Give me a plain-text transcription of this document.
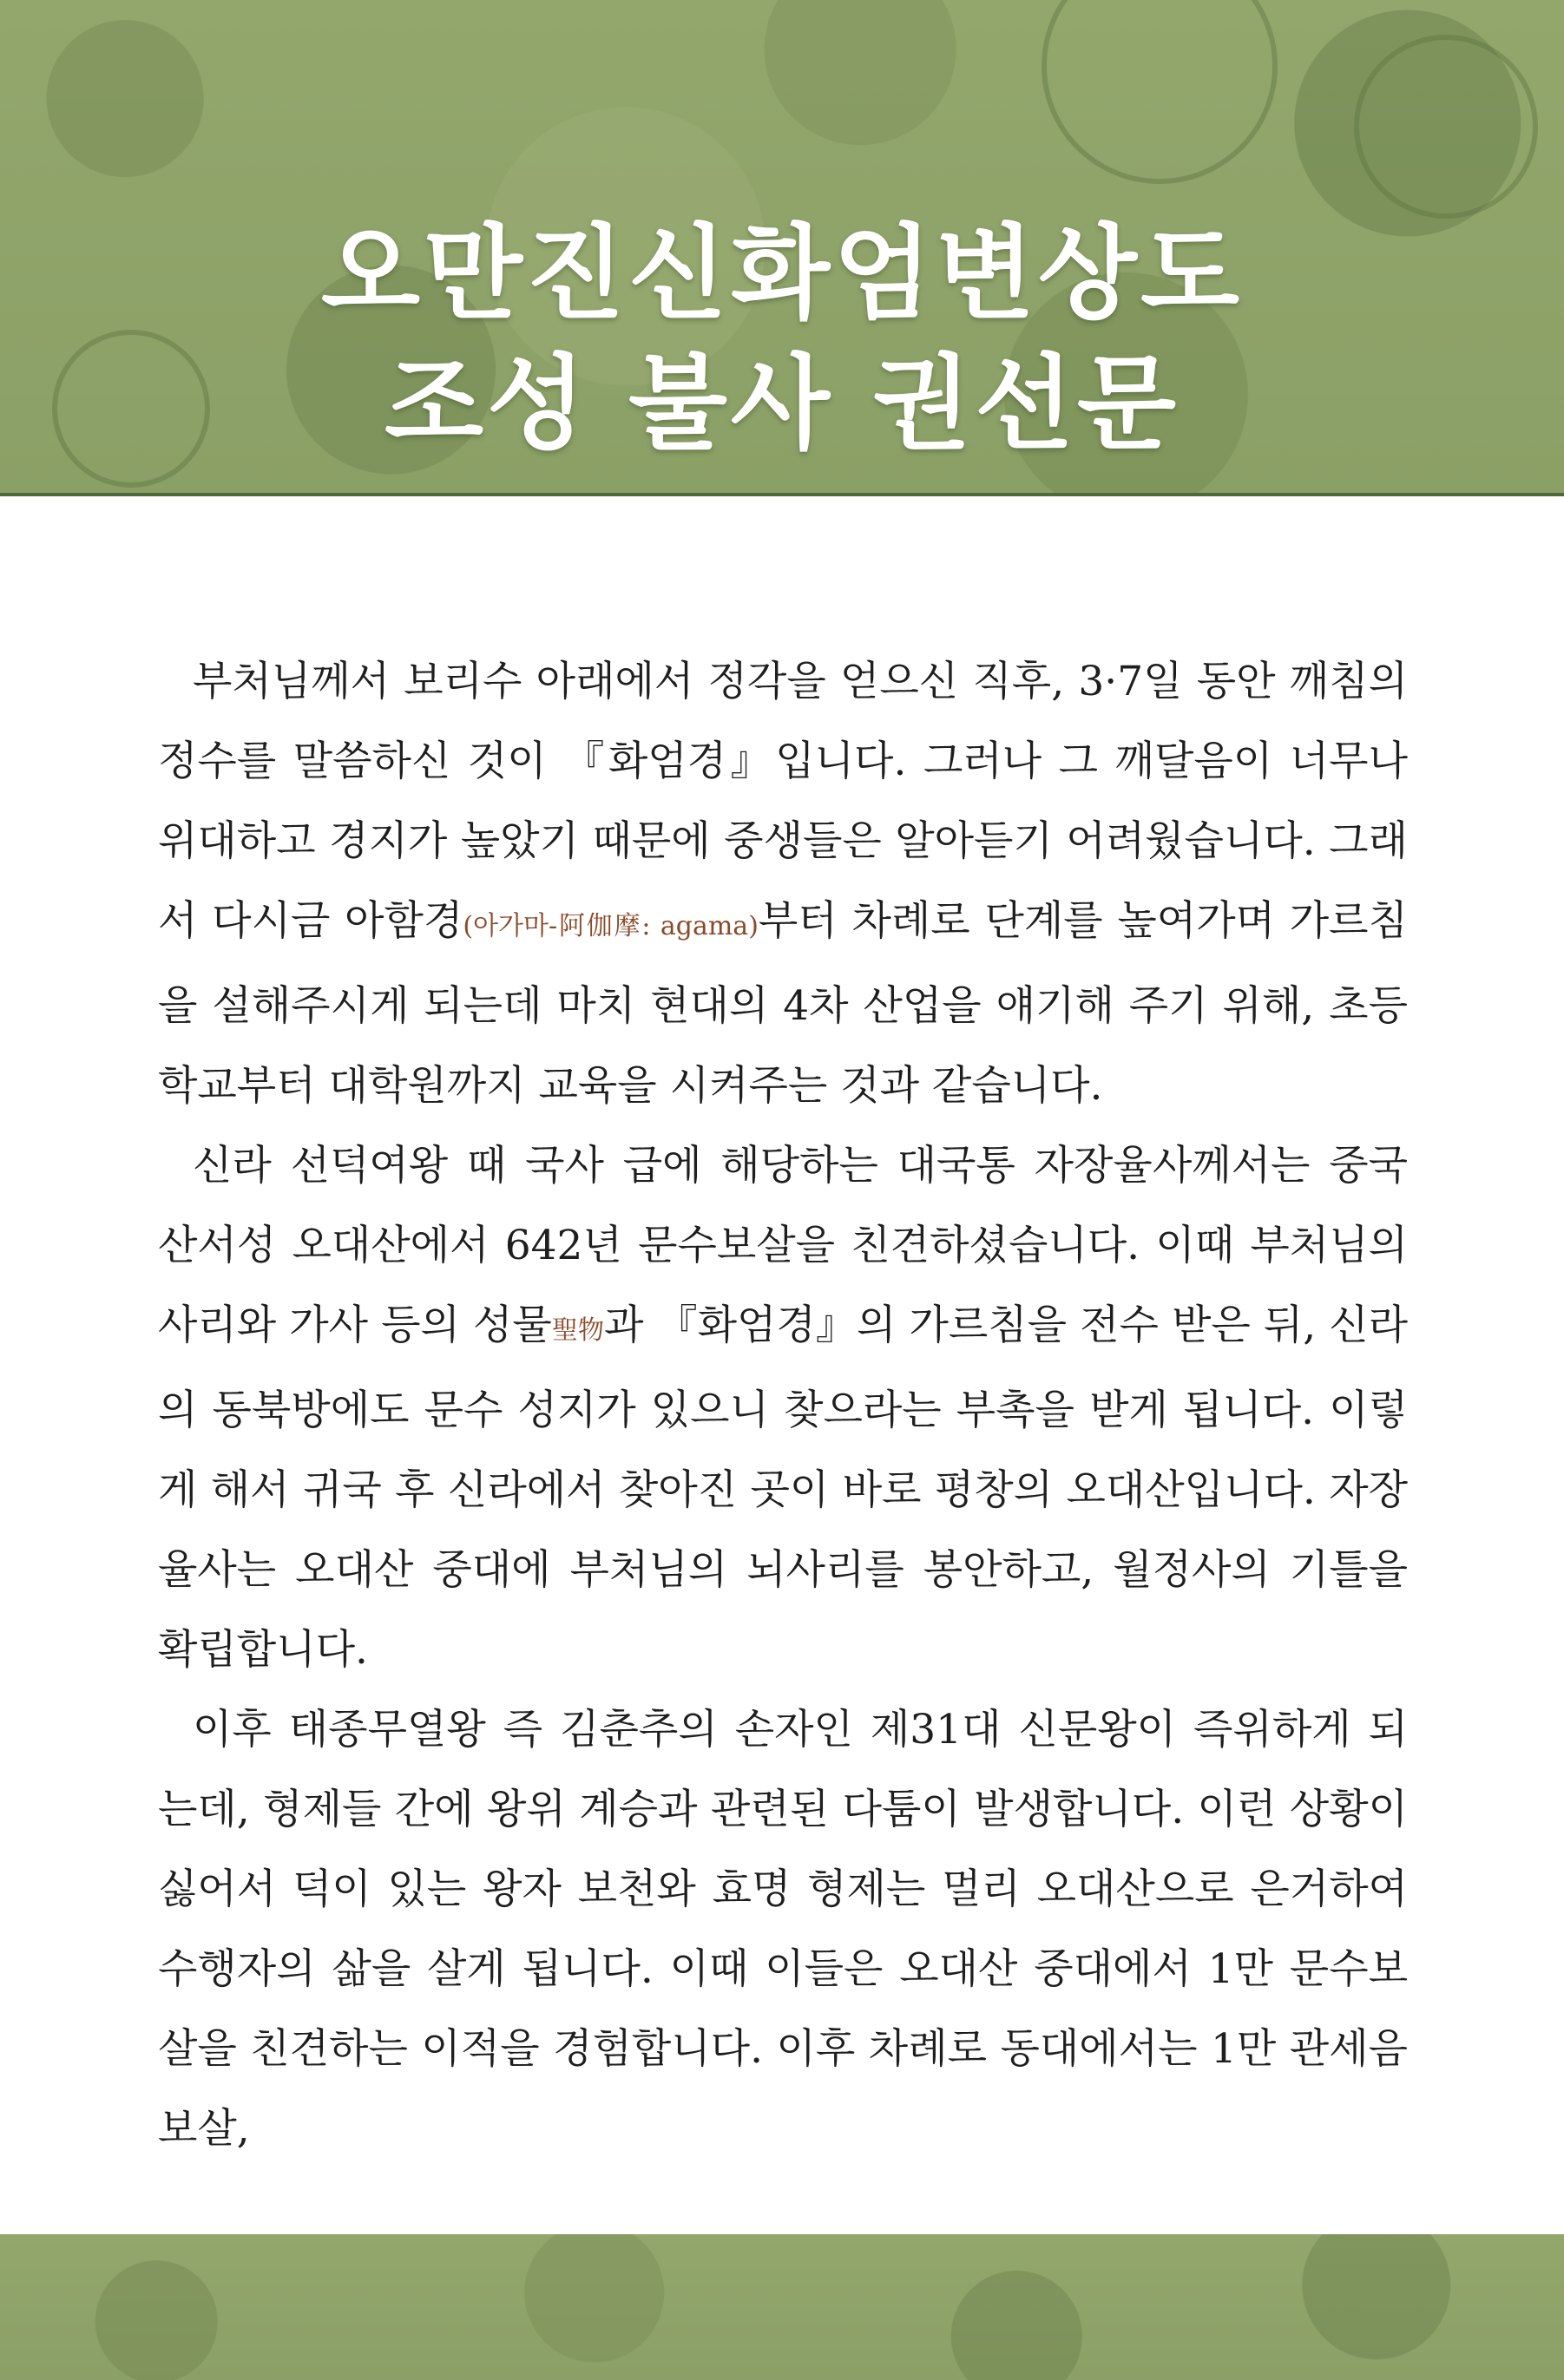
오만진신화엄변상도
조성 불사 권선문

부처님께서 보리수 아래에서 정각을 얻으신 직후, 3·7일 동안 깨침의 정수를 말씀하신 것이 『화엄경』입니다. 그러나 그 깨달음이 너무나 위대하고 경지가 높았기 때문에 중생들은 알아듣기 어려웠습니다. 그래서 다시금 아함경(아가마-阿伽摩: agama)부터 차례로 단계를 높여가며 가르침을 설해주시게 되는데 마치 현대의 4차 산업을 얘기해 주기 위해, 초등학교부터 대학원까지 교육을 시켜주는 것과 같습니다.

신라 선덕여왕 때 국사 급에 해당하는 대국통 자장율사께서는 중국 산서성 오대산에서 642년 문수보살을 친견하셨습니다. 이때 부처님의 사리와 가사 등의 성물聖物과 『화엄경』의 가르침을 전수 받은 뒤, 신라의 동북방에도 문수 성지가 있으니 찾으라는 부촉을 받게 됩니다. 이렇게 해서 귀국 후 신라에서 찾아진 곳이 바로 평창의 오대산입니다. 자장율사는 오대산 중대에 부처님의 뇌사리를 봉안하고, 월정사의 기틀을 확립합니다.

이후 태종무열왕 즉 김춘추의 손자인 제31대 신문왕이 즉위하게 되는데, 형제들 간에 왕위 계승과 관련된 다툼이 발생합니다. 이런 상황이 싫어서 덕이 있는 왕자 보천와 효명 형제는 멀리 오대산으로 은거하여 수행자의 삶을 살게 됩니다. 이때 이들은 오대산 중대에서 1만 문수보살을 친견하는 이적을 경험합니다. 이후 차례로 동대에서는 1만 관세음보살,
